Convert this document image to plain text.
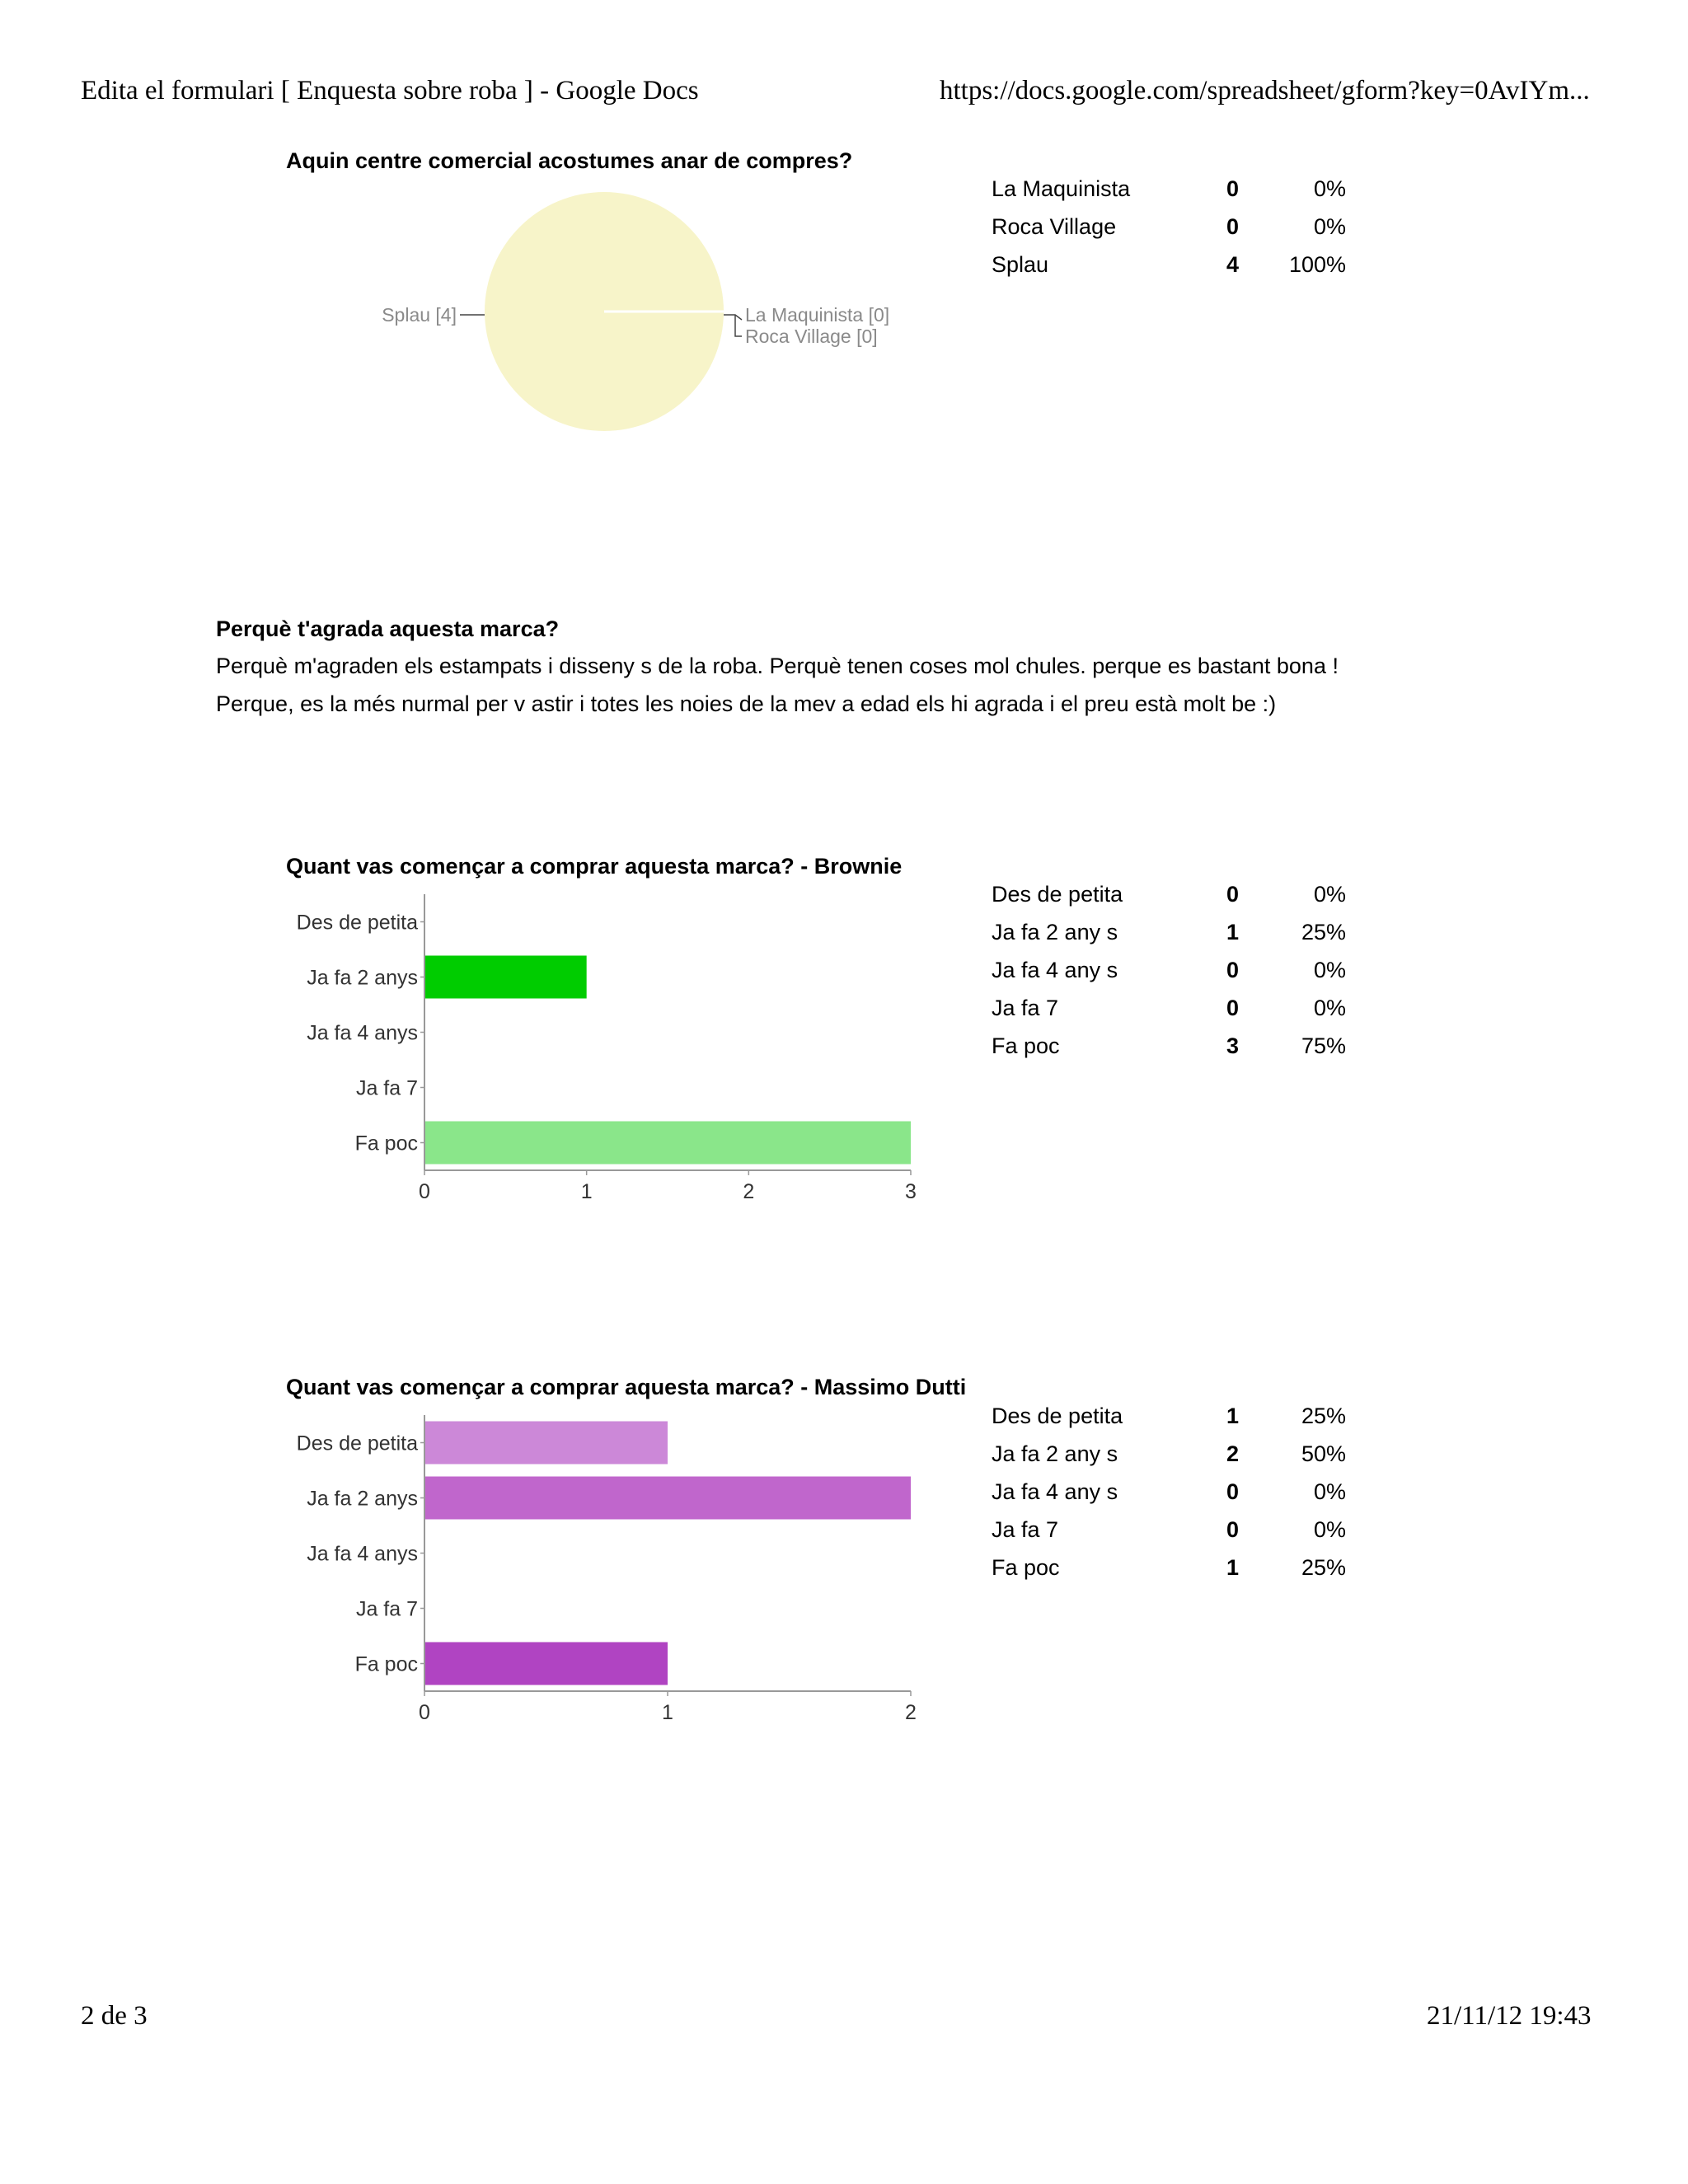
Edita el formulari [ Enquesta sobre roba ] - Google Docs	https://docs.google.com/spreadsheet/gform?key=0AvIYm...
Aquin centre comercial acostumes anar de compres?
Splau [4]	La Maquinista [0]
Roca Village [0]
La Maquinista	0	0%
Roca Village	0	0%
Splau	4	100%
Perquè t'agrada aquesta marca?
Perquè m'agraden els estampats i disseny s de la roba. Perquè tenen coses mol chules. perque es bastant bona ! Perque, es la més nurmal per v astir i totes les noies de la mev a edad els hi agrada i el preu està molt be :)
Quant vas començar a comprar aquesta marca? - Brownie
Des de petita
Ja fa 2 anys
Ja fa 4 anys
Ja fa 7
Fa poc
0	1	2	3
Des de petita	0	0%
Ja fa 2 any s	1	25%
Ja fa 4 any s	0	0%
Ja fa 7	0	0%
Fa poc	3	75%
Quant vas començar a comprar aquesta marca? - Massimo Dutti
Des de petita
Ja fa 2 anys
Ja fa 4 anys
Ja fa 7
Fa poc
0	1	2
Des de petita	1	25%
Ja fa 2 any s	2	50%
Ja fa 4 any s	0	0%
Ja fa 7	0	0%
Fa poc	1	25%
2 de 3	21/11/12 19:43
